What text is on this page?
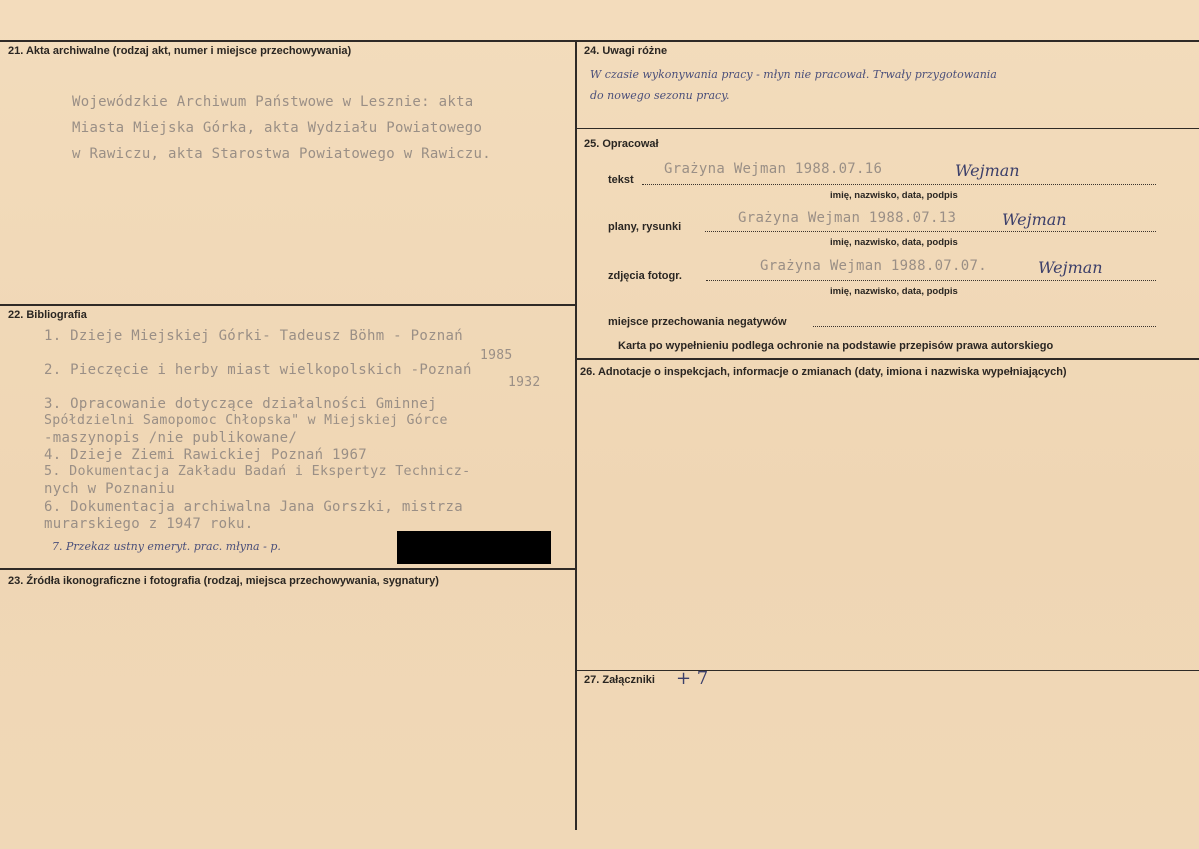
21. Akta archiwalne (rodzaj akt, numer i miejsce przechowywania)
Wojewódzkie Archiwum Państwowe w Lesznie: akta
Miasta Miejska Górka, akta Wydziału Powiatowego
w Rawiczu, akta Starostwa Powiatowego w Rawiczu.
22. Bibliografia
1. Dzieje Miejskiej Górki- Tadeusz Böhm - Poznań
1985
2. Pieczęcie i herby miast wielkopolskich -Poznań
1932
3. Opracowanie dotyczące działalności Gminnej
Spółdzielni Samopomoc Chłopska" w Miejskiej Górce
-maszynopis /nie publikowane/
4. Dzieje Ziemi Rawickiej Poznań 1967
5. Dokumentacja Zakładu Badań i Ekspertyz Technicz-
nych w Poznaniu
6. Dokumentacja archiwalna Jana Gorszki, mistrza
murarskiego z 1947 roku.
7. Przekaz ustny emeryt. prac. młyna - p.
23. Źródła ikonograficzne i fotografia (rodzaj, miejsca przechowywania, sygnatury)
24. Uwagi różne
W czasie wykonywania pracy - młyn nie pracował. Trwały przygotowania
do nowego sezonu pracy.
25. Opracował
tekst
Grażyna Wejman 1988.07.16	Wejman
imię, nazwisko, data, podpis
plany, rysunki
Grażyna Wejman 1988.07.13	Wejman
imię, nazwisko, data, podpis
zdjęcia fotogr.
Grażyna Wejman 1988.07.07.	Wejman
imię, nazwisko, data, podpis
miejsce przechowania negatywów
Karta po wypełnieniu podlega ochronie na podstawie przepisów prawa autorskiego
26. Adnotacje o inspekcjach, informacje o zmianach (daty, imiona i nazwiska wypełniających)
27. Załączniki + 7
